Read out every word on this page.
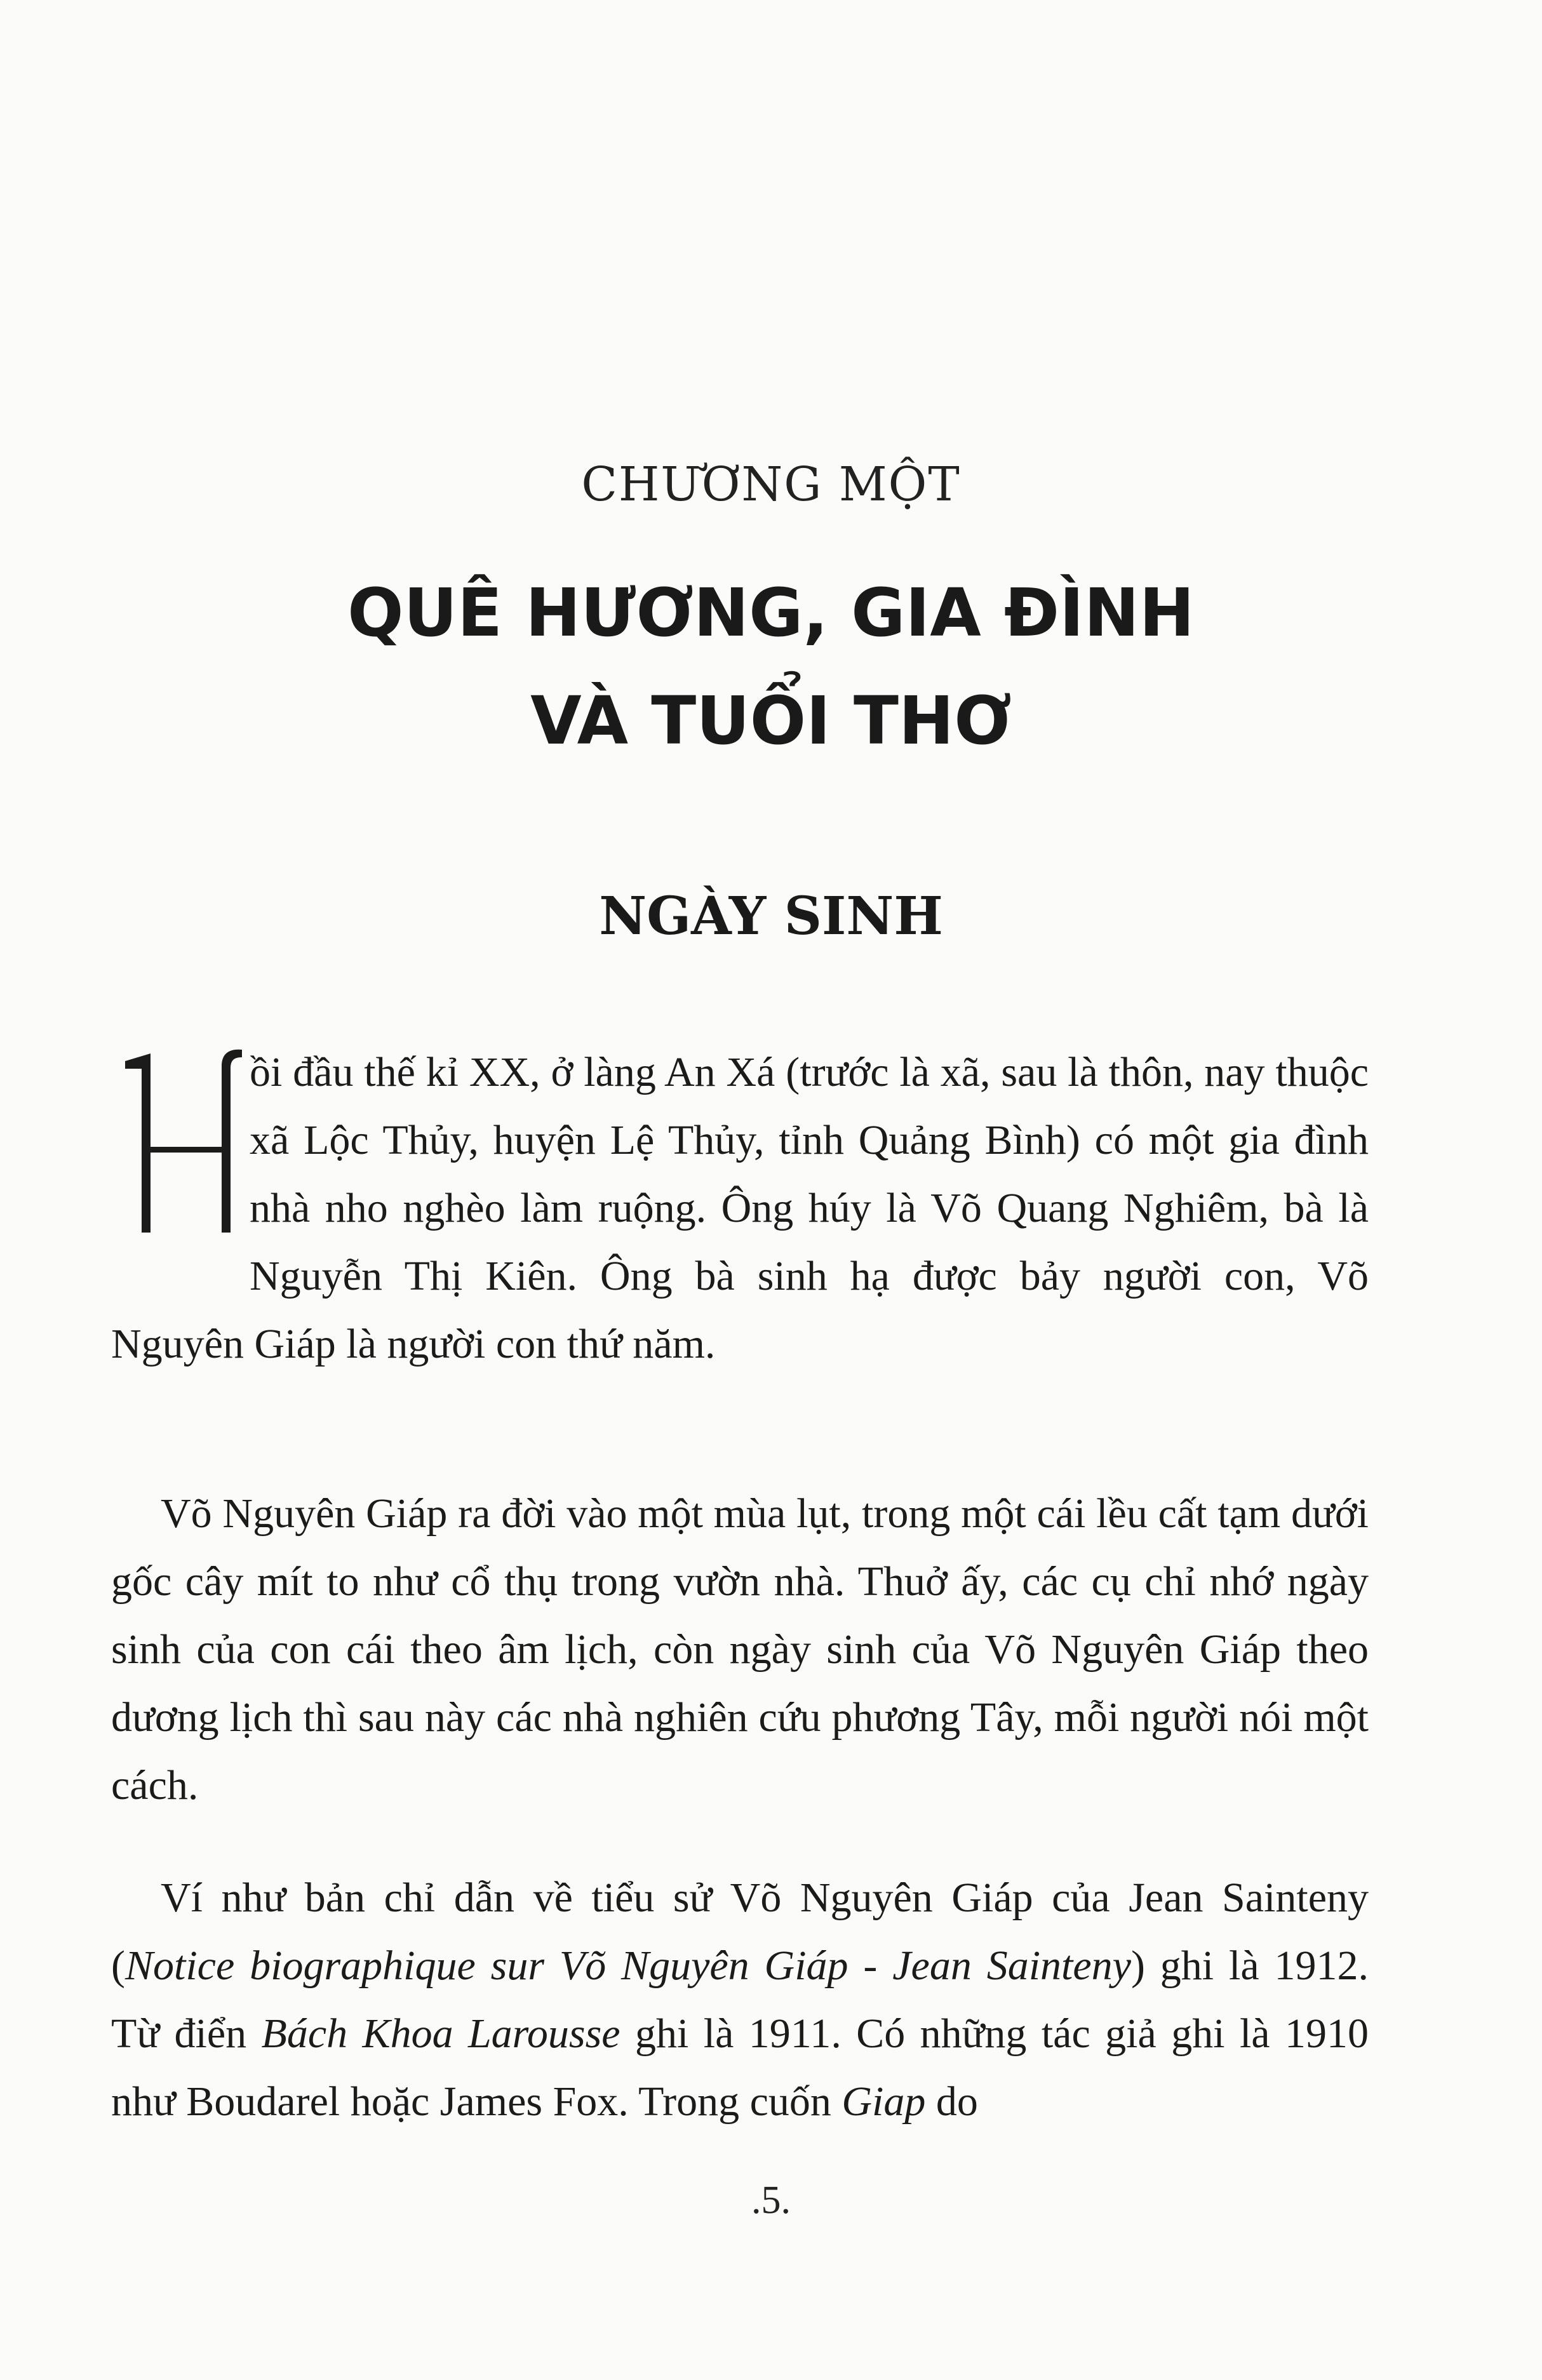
CHƯƠNG MỘT
QUÊ HƯƠNG, GIA ĐÌNH
VÀ TUỔI THƠ
NGÀY SINH
ồi đầu thế kỉ XX, ở làng An Xá (trước là xã, sau là thôn, nay thuộc xã Lộc Thủy, huyện Lệ Thủy, tỉnh Quảng Bình) có một gia đình nhà nho nghèo làm ruộng. Ông húy là Võ Quang Nghiêm, bà là Nguyễn Thị Kiên. Ông bà sinh hạ được bảy người con, Võ Nguyên Giáp là người con thứ năm.
Võ Nguyên Giáp ra đời vào một mùa lụt, trong một cái lều cất tạm dưới gốc cây mít to như cổ thụ trong vườn nhà. Thuở ấy, các cụ chỉ nhớ ngày sinh của con cái theo âm lịch, còn ngày sinh của Võ Nguyên Giáp theo dương lịch thì sau này các nhà nghiên cứu phương Tây, mỗi người nói một cách.
Ví như bản chỉ dẫn về tiểu sử Võ Nguyên Giáp của Jean Sainteny (Notice biographique sur Võ Nguyên Giáp - Jean Sainteny) ghi là 1912. Từ điển Bách Khoa Larousse ghi là 1911. Có những tác giả ghi là 1910 như Boudarel hoặc James Fox. Trong cuốn Giap do
.5.
